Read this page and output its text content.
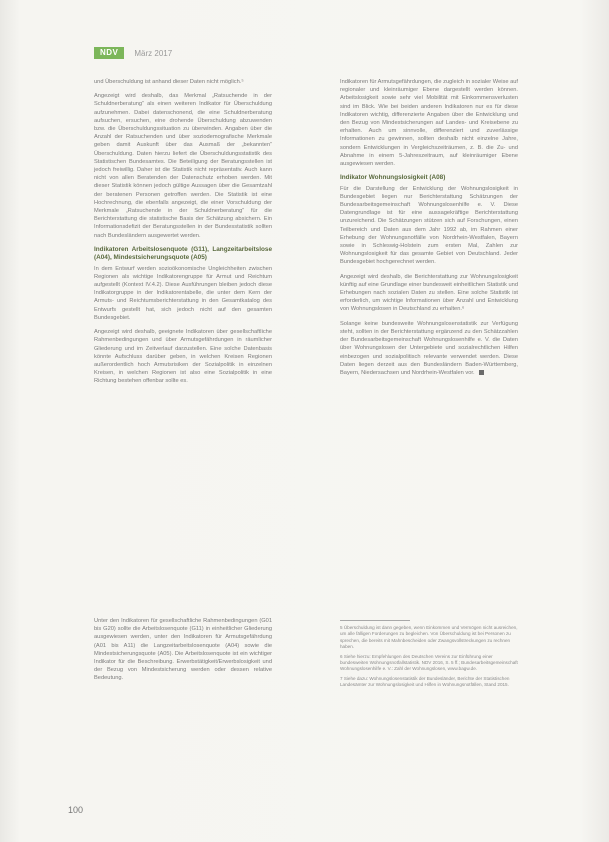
NDV	März 2017

und Überschuldung ist anhand dieser Daten nicht möglich.⁵

Angezeigt wird deshalb, das Merkmal „Ratsuchende in der Schuldnerberatung“ als einen weiteren Indikator für Überschuldung aufzunehmen. Dabei datenschonend, die eine Schuldnerberatung aufsuchen, ersuchen, eine drohende Überschuldung abzuwenden bzw. die Überschuldungssituation zu überwinden. Angaben über die Anzahl der Ratsuchenden und über soziodemografische Merkmale geben damit Auskunft über das Ausmaß der „bekannten“ Überschuldung. Daten hierzu liefert die Überschuldungsstatistik des Statistischen Bundesamtes. Die Beteiligung der Beratungsstellen ist jedoch freiwillig. Daher ist die Statistik nicht repräsentativ. Auch kann nicht von allen Beratenden der Datenschutz erhoben werden. Mit dieser Statistik können jedoch gültige Aussagen über die Gesamtzahl der beratenen Personen getroffen werden. Die Statistik ist eine Hochrechnung, die ebenfalls angezeigt, die einer Vorschuldung der Merkmale „Ratsuchende in der Schuldnerberatung“ für die Berichterstattung die statistische Basis der Schätzung absichern. Ein Informationsdefizit der Beratungsstellen in der Bundesstatistik sollten nach Bundesländern ausgewertet werden.

Indikatoren Arbeitslosenquote (G11), Langzeitarbeitslose (A04), Mindestsicherungsquote (A05)

In dem Entwurf werden sozioökonomische Ungleichheiten zwischen Regionen als wichtige Indikatorengruppe für Armut und Reichtum aufgestellt (Kontext IV.4.2). Diese Ausführungen bleiben jedoch diese Indikatorgruppe in der Indikatorentabelle, die unter dem Kern der Armuts- und Reichtumsberichterstattung in den Gesamtkatalog des Entwurfs gestellt hat, sich jedoch nicht auf den gesamten Bundesgebiet.

Angezeigt wird deshalb, geeignete Indikatoren über gesellschaftliche Rahmenbedingungen und über Armutsgefährdungen in räumlicher Gliederung und im Zeitverlauf darzustellen. Eine solche Datenbasis könnte Aufschluss darüber geben, in welchen Kreisen Regionen außerordentlich hoch Armutsrisiken der Sozialpolitik in einzelnen Kreisen, in welchen Regionen ist also eine Sozialpolitik in eine Richtung bestehen offenbar sollte es.

Unter den Indikatoren für gesellschaftliche Rahmenbedingungen (G01 bis G20) sollte die Arbeitslosenquote (G11) in einheitlicher Gliederung ausgewiesen werden, unter den Indikatoren für Armutsgefährdung (A01 bis A11) die Langzeitarbeitslosenquote (A04) sowie die Mindestsicherungsquote (A05). Die Arbeitslosenquote ist ein wichtiger Indikator für die Beschreibung. Erwerbstätigkeit/Erwerbslosigkeit und der Bezug von Mindestsicherung werden oder dessen relative Bedeutung.

Indikatoren für Armutsgefährdungen, die zugleich in sozialer Weise auf regionaler und kleinräumiger Ebene dargestellt werden können. Arbeitslosigkeit sowie sehr viel Mobilität mit Einkommensverlusten sind im Blick. Wie bei beiden anderen Indikatoren nur es für diese Indikatoren wichtig, differenzierte Angaben über die Entwicklung und den Bezug von Mindestsicherungen auf Landes- und Kreisebene zu erhalten. Auch um sinnvolle, differenziert und zuverlässige Informationen zu gewinnen, sollten deshalb nicht einzelne Jahre, sondern Entwicklungen in Vergleichszeiträumen, z. B. die Zu- und Abnahme in einem 5-Jahreszeitraum, auf kleinräumiger Ebene ausgewiesen werden.

Indikator Wohnungslosigkeit (A08)

Für die Darstellung der Entwicklung der Wohnungslosigkeit in Bundesgebiet liegen nur Berichterstattung Schätzungen der Bundesarbeitsgemeinschaft Wohnungslosenhilfe e. V. Diese Datengrundlage ist für eine aussagekräftige Berichterstattung unzureichend. Die Schätzungen stützen sich auf Forschungen, einen Teilbereich und Daten aus dem Jahr 1992 ab, im Rahmen einer Erhebung der Wohnungsnotfälle von Nordrhein-Westfalen, Bayern sowie in Schleswig-Holstein zum ersten Mal, Zahlen zur Wohnungslosigkeit für das gesamte Gebiet von Deutschland. Jeder Bundesgebiet hochgerechnet werden.

Angezeigt wird deshalb, die Berichterstattung zur Wohnungslosigkeit künftig auf eine Grundlage einer bundesweit einheitlichen Statistik und Erhebungen nach sozialen Daten zu stellen. Eine solche Statistik ist erforderlich, um wichtige Informationen über Anzahl und Entwicklung von Wohnungslosen in Deutschland zu erhalten.⁶

Solange keine bundesweite Wohnungslosenstatistik zur Verfügung steht, sollten in der Berichterstattung ergänzend zu den Schätzzahlen der Bundesarbeitsgemeinschaft Wohnungslosenhilfe e. V. die Daten über Wohnungslosen der Untergebiete und sozialrechtlichen Hilfen einbezogen und sozialpolitisch relevante verwendet werden. Diese Daten liegen derzeit aus den Bundesländern Baden-Württemberg, Bayern, Niedersachsen und Nordrhein-Westfalen vor.

5 Überschuldung ist dann gegeben, wenn Einkommen und Vermögen nicht ausreichen, um alle fälligen Forderungen zu begleichen. Von Überschuldung ist bei Personen zu sprechen, die bereits mit Mahnbescheiden oder Zwangsvollstreckungen zu rechnen haben.
6 Siehe hierzu: Empfehlungen des Deutschen Vereins zur Einführung einer bundesweiten Wohnungsnotfallstatistik. NDV 2016, S. 5 ff.; Bundesarbeitsgemeinschaft Wohnungslosenhilfe e. V.: Zahl der Wohnungslosen, www.bagw.de.
7 Siehe dazu: Wohnungslosenstatistik der Bundesländer, Berichte der Statistischen Landesämter zur Wohnungslosigkeit und Hilfen in Wohnungsnotfällen, Stand 2015.
100
